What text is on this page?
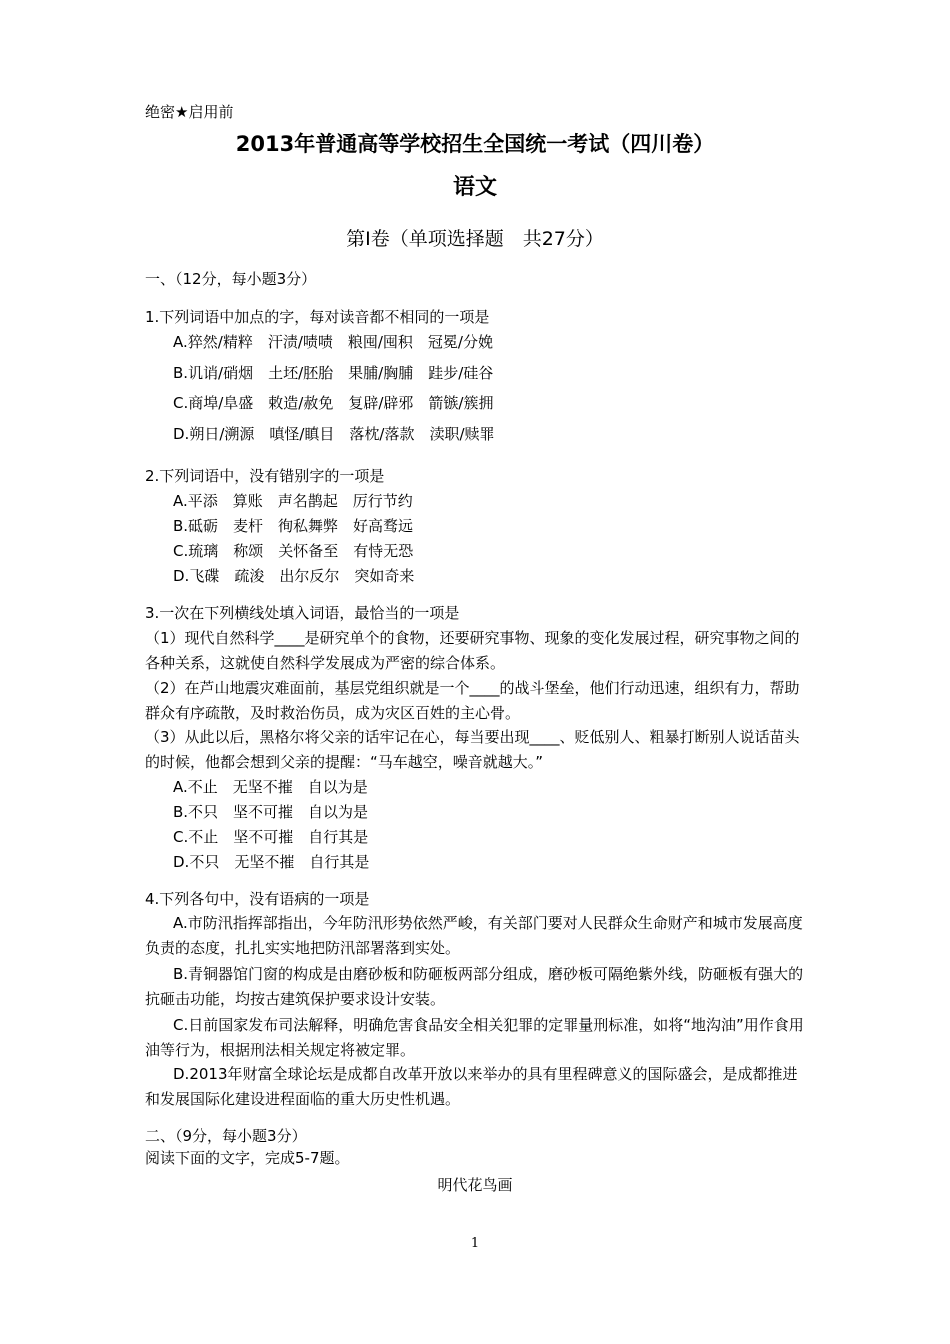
绝密★启用前
2013年普通高等学校招生全国统一考试（四川卷）
语文
第Ⅰ卷（单项选择题　共27分）
一、（12分，每小题3分）
1.下列词语中加点的字，每对读音都不相同的一项是
A.猝然/精粹　汗渍/啧啧　粮囤/囤积　冠冕/分娩
B.讥诮/硝烟　土坯/胚胎　果脯/胸脯　跬步/硅谷
C.商埠/阜盛　敕造/赦免　复辟/辟邪　箭镞/簇拥
D.朔日/溯源　嗔怪/瞋目　落枕/落款　渎职/赎罪
2.下列词语中，没有错别字的一项是
A.平添　算账　声名鹊起　厉行节约
B.砥砺　麦杆　徇私舞弊　好高骛远
C.琉璃　称颂　关怀备至　有恃无恐
D.飞碟　疏浚　出尔反尔　突如奇来
3.一次在下列横线处填入词语，最恰当的一项是
（1）现代自然科学____是研究单个的食物，还要研究事物、现象的变化发展过程，研究事物之间的各种关系，这就使自然科学发展成为严密的综合体系。
（2）在芦山地震灾难面前，基层党组织就是一个____的战斗堡垒，他们行动迅速，组织有力，帮助群众有序疏散，及时救治伤员，成为灾区百姓的主心骨。
（3）从此以后，黑格尔将父亲的话牢记在心，每当要出现____、贬低别人、粗暴打断别人说话苗头的时候，他都会想到父亲的提醒：“马车越空，噪音就越大。”
A.不止　无坚不摧　自以为是
B.不只　坚不可摧　自以为是
C.不止　坚不可摧　自行其是
D.不只　无坚不摧　自行其是
4.下列各句中，没有语病的一项是
A.市防汛指挥部指出，今年防汛形势依然严峻，有关部门要对人民群众生命财产和城市发展高度负责的态度，扎扎实实地把防汛部署落到实处。
B.青铜器馆门窗的构成是由磨砂板和防砸板两部分组成，磨砂板可隔绝紫外线，防砸板有强大的抗砸击功能，均按古建筑保护要求设计安装。
C.日前国家发布司法解释，明确危害食品安全相关犯罪的定罪量刑标准，如将“地沟油”用作食用油等行为，根据刑法相关规定将被定罪。
D.2013年财富全球论坛是成都自改革开放以来举办的具有里程碑意义的国际盛会，是成都推进和发展国际化建设进程面临的重大历史性机遇。
二、（9分，每小题3分）
阅读下面的文字，完成5-7题。
明代花鸟画
1
